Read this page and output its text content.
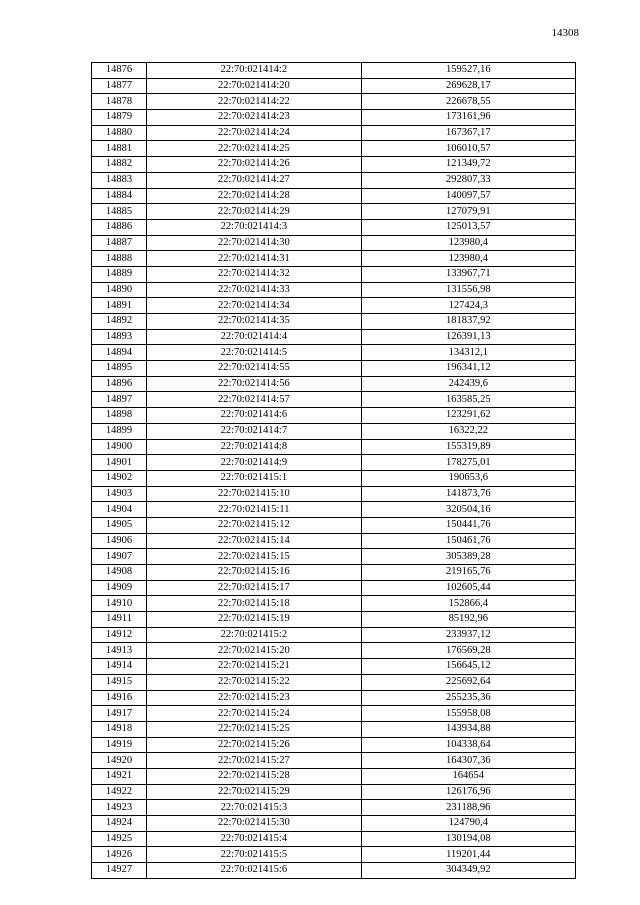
14308
14876	22:70:021414:2	159527,16
14877	22:70:021414:20	269628,17
14878	22:70:021414:22	226678,55
14879	22:70:021414:23	173161,96
14880	22:70:021414:24	167367,17
14881	22:70:021414:25	106010,57
14882	22:70:021414:26	121349,72
14883	22:70:021414:27	292807,33
14884	22:70:021414:28	140097,57
14885	22:70:021414:29	127079,91
14886	22:70:021414:3	125013,57
14887	22:70:021414:30	123980,4
14888	22:70:021414:31	123980,4
14889	22:70:021414:32	133967,71
14890	22:70:021414:33	131556,98
14891	22:70:021414:34	127424,3
14892	22:70:021414:35	181837,92
14893	22:70:021414:4	126391,13
14894	22:70:021414:5	134312,1
14895	22:70:021414:55	196341,12
14896	22:70:021414:56	242439,6
14897	22:70:021414:57	163585,25
14898	22:70:021414:6	123291,62
14899	22:70:021414:7	16322,22
14900	22:70:021414:8	155319,89
14901	22:70:021414:9	178275,01
14902	22:70:021415:1	190653,6
14903	22:70:021415:10	141873,76
14904	22:70:021415:11	320504,16
14905	22:70:021415:12	150441,76
14906	22:70:021415:14	150461,76
14907	22:70:021415:15	305389,28
14908	22:70:021415:16	219165,76
14909	22:70:021415:17	102605,44
14910	22:70:021415:18	152866,4
14911	22:70:021415:19	85192,96
14912	22:70:021415:2	233937,12
14913	22:70:021415:20	176569,28
14914	22:70:021415:21	156645,12
14915	22:70:021415:22	225692,64
14916	22:70:021415:23	255235,36
14917	22:70:021415:24	155958,08
14918	22:70:021415:25	143934,88
14919	22:70:021415:26	104338,64
14920	22:70:021415:27	164307,36
14921	22:70:021415:28	164654
14922	22:70:021415:29	126176,96
14923	22:70:021415:3	231188,96
14924	22:70:021415:30	124790,4
14925	22:70:021415:4	130194,08
14926	22:70:021415:5	119201,44
14927	22:70:021415:6	304349,92
